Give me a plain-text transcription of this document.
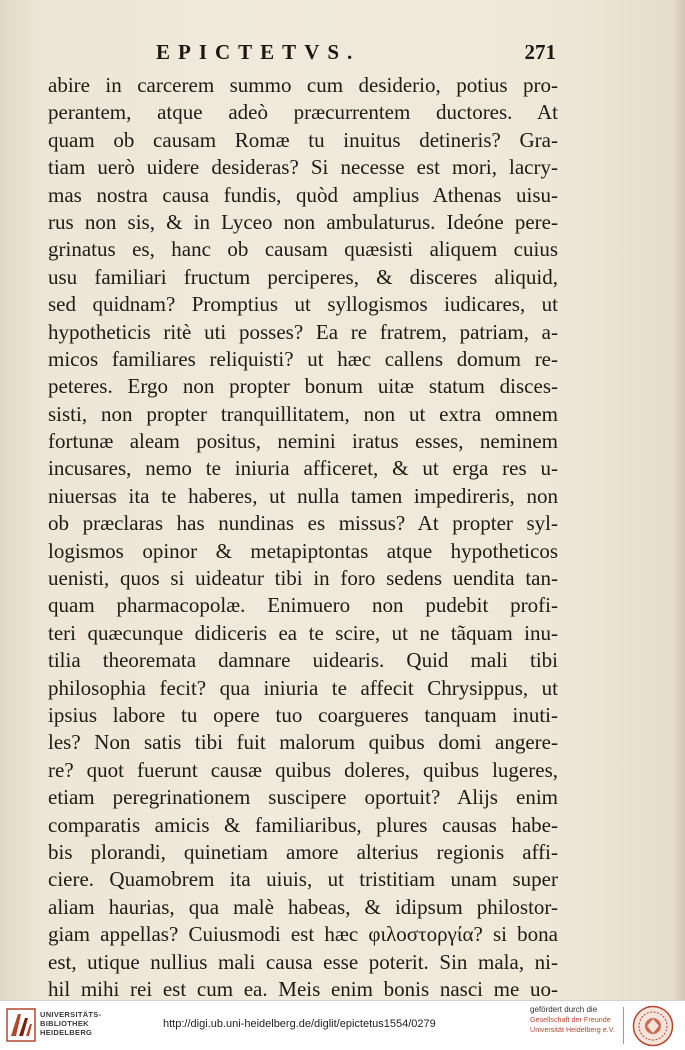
EPICTETVS.	271
abire in carcerem summo cum desiderio, potius pro-
perantem, atque adeò præcurrentem ductores. At
quam ob causam Romæ tu inuitus detineris? Gra-
tiam uerò uidere desideras? Si necesse est mori, lacry-
mas nostra causa fundis, quòd amplius Athenas uisu-
rus non sis, & in Lyceo non ambulaturus. Ideóne pere-
grinatus es, hanc ob causam quæsisti aliquem cuius
usu familiari fructum perciperes, & disceres aliquid,
sed quidnam? Promptius ut syllogismos iudicares, ut
hypotheticis ritè uti posses? Ea re fratrem, patriam, a-
micos familiares reliquisti? ut hæc callens domum re-
peteres. Ergo non propter bonum uitæ statum disces-
sisti, non propter tranquillitatem, non ut extra omnem
fortunæ aleam positus, nemini iratus esses, neminem
incusares, nemo te iniuria afficeret, & ut erga res u-
niuersas ita te haberes, ut nulla tamen impedireris, non
ob præclaras has nundinas es missus? At propter syl-
logismos opinor & metapiptontas atque hypotheticos
uenisti, quos si uideatur tibi in foro sedens uendita tan-
quam pharmacopolæ. Enimuero non pudebit profi-
teri quæcunque didiceris ea te scire, ut ne tãquam inu-
tilia theoremata damnare uidearis. Quid mali tibi
philosophia fecit? qua iniuria te affecit Chrysippus, ut
ipsius labore tu opere tuo coargueres tanquam inuti-
les? Non satis tibi fuit malorum quibus domi angere-
re? quot fuerunt causæ quibus doleres, quibus lugeres,
etiam peregrinationem suscipere oportuit? Alijs enim
comparatis amicis & familiaribus, plures causas habe-
bis plorandi, quinetiam amore alterius regionis affi-
ciere. Quamobrem ita uiuis, ut tristitiam unam super
aliam haurias, qua malè habeas, & idipsum philostor-
giam appellas? Cuiusmodi est hæc φιλοστοργία? si bona
est, utique nullius mali causa esse poterit. Sin mala, ni-
hil mihi rei est cum ea. Meis enim bonis nasci me uo-
UNIVERSITÄTS-
BIBLIOTHEK
HEIDELBERG
http://digi.ub.uni-heidelberg.de/diglit/epictetus1554/0279
gefördert durch die
Gesellschaft der Freunde
Universität Heidelberg e.V.
